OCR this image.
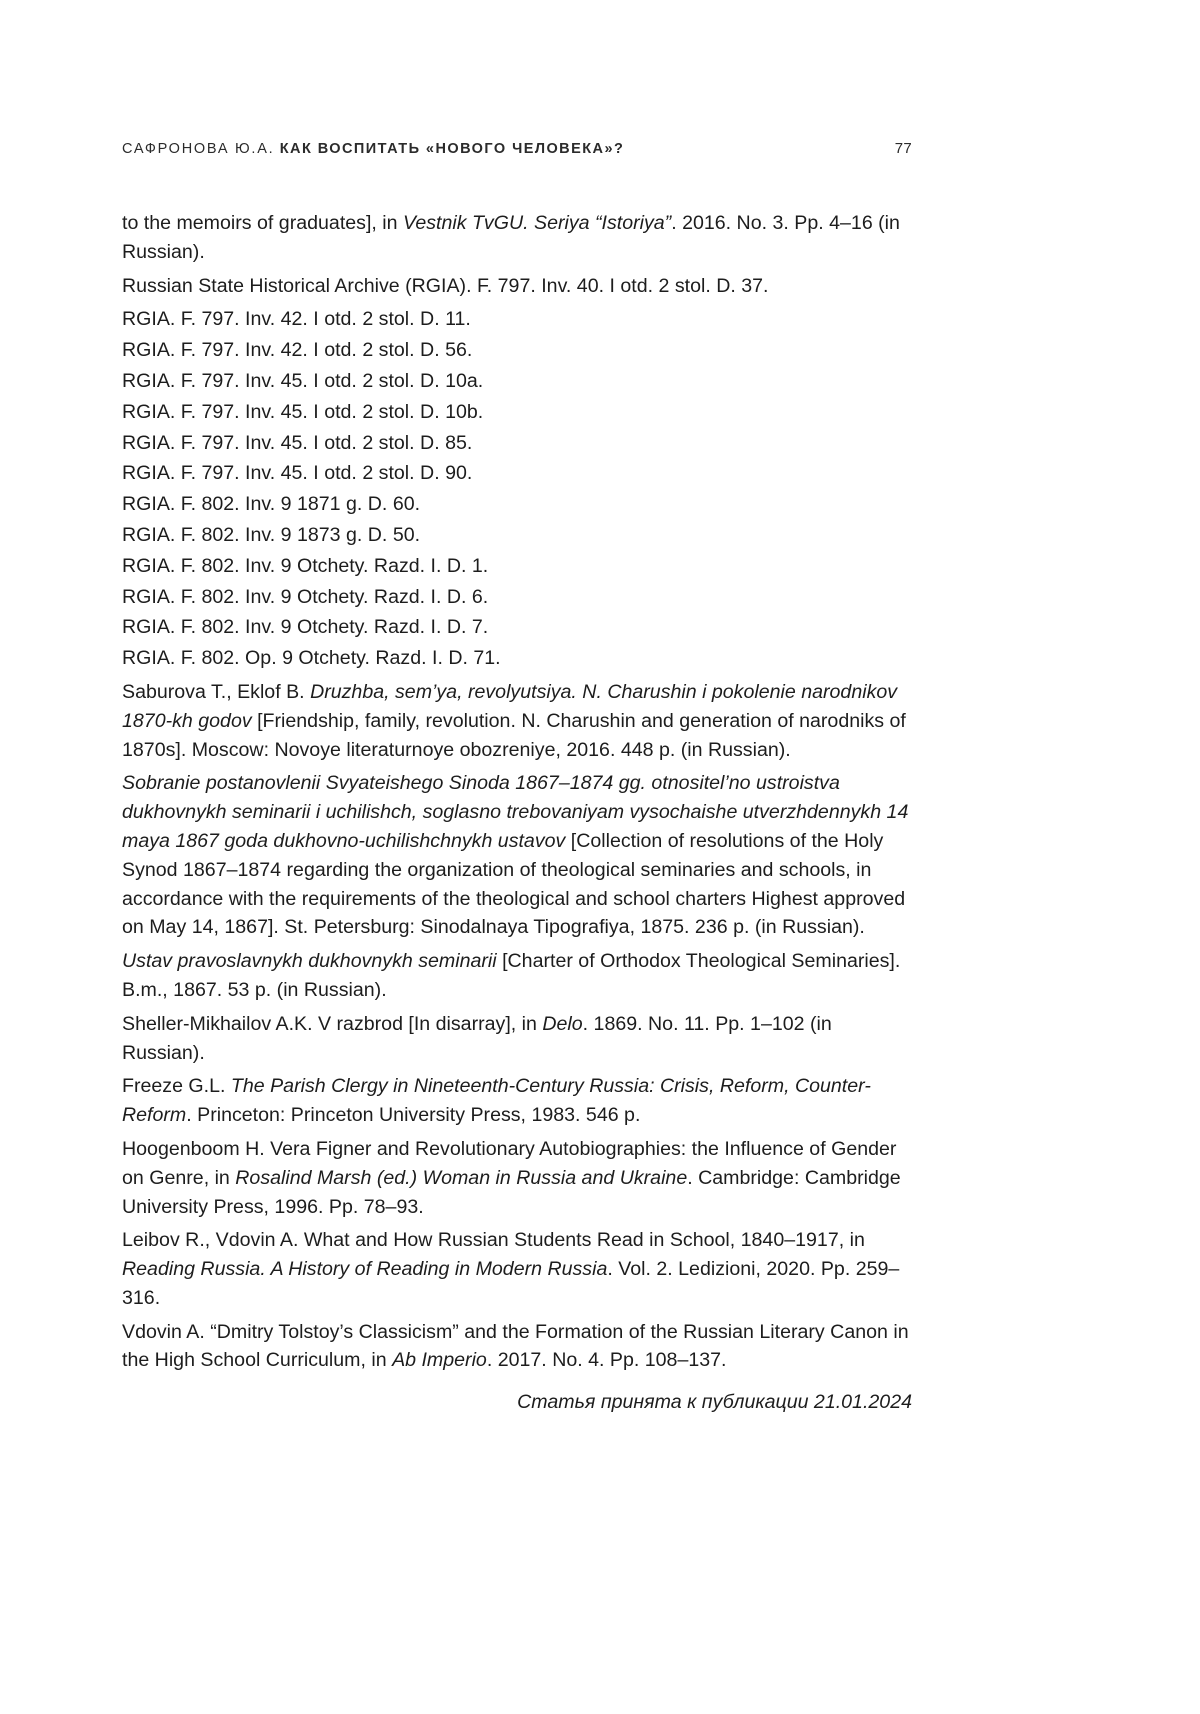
САФРОНОВА Ю.А. КАК ВОСПИТАТЬ «НОВОГО ЧЕЛОВЕКА»?	77

to the memoirs of graduates], in Vestnik TvGU. Seriya “Istoriya”. 2016. No. 3. Pp. 4–16 (in Russian).

Russian State Historical Archive (RGIA). F. 797. Inv. 40. I otd. 2 stol. D. 37.

RGIA. F. 797. Inv. 42. I otd. 2 stol. D. 11.

RGIA. F. 797. Inv. 42. I otd. 2 stol. D. 56.

RGIA. F. 797. Inv. 45. I otd. 2 stol. D. 10a.

RGIA. F. 797. Inv. 45. I otd. 2 stol. D. 10b.

RGIA. F. 797. Inv. 45. I otd. 2 stol. D. 85.

RGIA. F. 797. Inv. 45. I otd. 2 stol. D. 90.

RGIA. F. 802. Inv. 9 1871 g. D. 60.

RGIA. F. 802. Inv. 9 1873 g. D. 50.

RGIA. F. 802. Inv. 9 Otchety. Razd. I. D. 1.

RGIA. F. 802. Inv. 9 Otchety. Razd. I. D. 6.

RGIA. F. 802. Inv. 9 Otchety. Razd. I. D. 7.

RGIA. F. 802. Op. 9 Otchety. Razd. I. D. 71.

Saburova T., Eklof B. Druzhba, sem’ya, revolyutsiya. N. Charushin i pokolenie narodnikov 1870-kh godov [Friendship, family, revolution. N. Charushin and generation of narodniks of 1870s]. Moscow: Novoye literaturnoye obozreniye, 2016. 448 p. (in Russian).

Sobranie postanovlenii Svyateishego Sinoda 1867–1874 gg. otnositel’no ustroistva dukhovnykh seminarii i uchilishch, soglasno trebovaniyam vysochaishe utverzhdennykh 14 maya 1867 goda dukhovno-uchilishchnykh ustavov [Collection of resolutions of the Holy Synod 1867–1874 regarding the organization of theological seminaries and schools, in accordance with the requirements of the theological and school charters Highest approved on May 14, 1867]. St. Petersburg: Sinodalnaya Tipografiya, 1875. 236 p. (in Russian).

Ustav pravoslavnykh dukhovnykh seminarii [Charter of Orthodox Theological Seminaries]. B.m., 1867. 53 p. (in Russian).

Sheller-Mikhailov A.K. V razbrod [In disarray], in Delo. 1869. No. 11. Pp. 1–102 (in Russian).

Freeze G.L. The Parish Clergy in Nineteenth-Century Russia: Crisis, Reform, Counter-Reform. Princeton: Princeton University Press, 1983. 546 p.

Hoogenboom H. Vera Figner and Revolutionary Autobiographies: the Influence of Gender on Genre, in Rosalind Marsh (ed.) Woman in Russia and Ukraine. Cambridge: Cambridge University Press, 1996. Pp. 78–93.

Leibov R., Vdovin A. What and How Russian Students Read in School, 1840–1917, in Reading Russia. A History of Reading in Modern Russia. Vol. 2. Ledizioni, 2020. Pp. 259–316.

Vdovin A. “Dmitry Tolstoy’s Classicism” and the Formation of the Russian Literary Canon in the High School Curriculum, in Ab Imperio. 2017. No. 4. Pp. 108–137.

Статья принята к публикации 21.01.2024
